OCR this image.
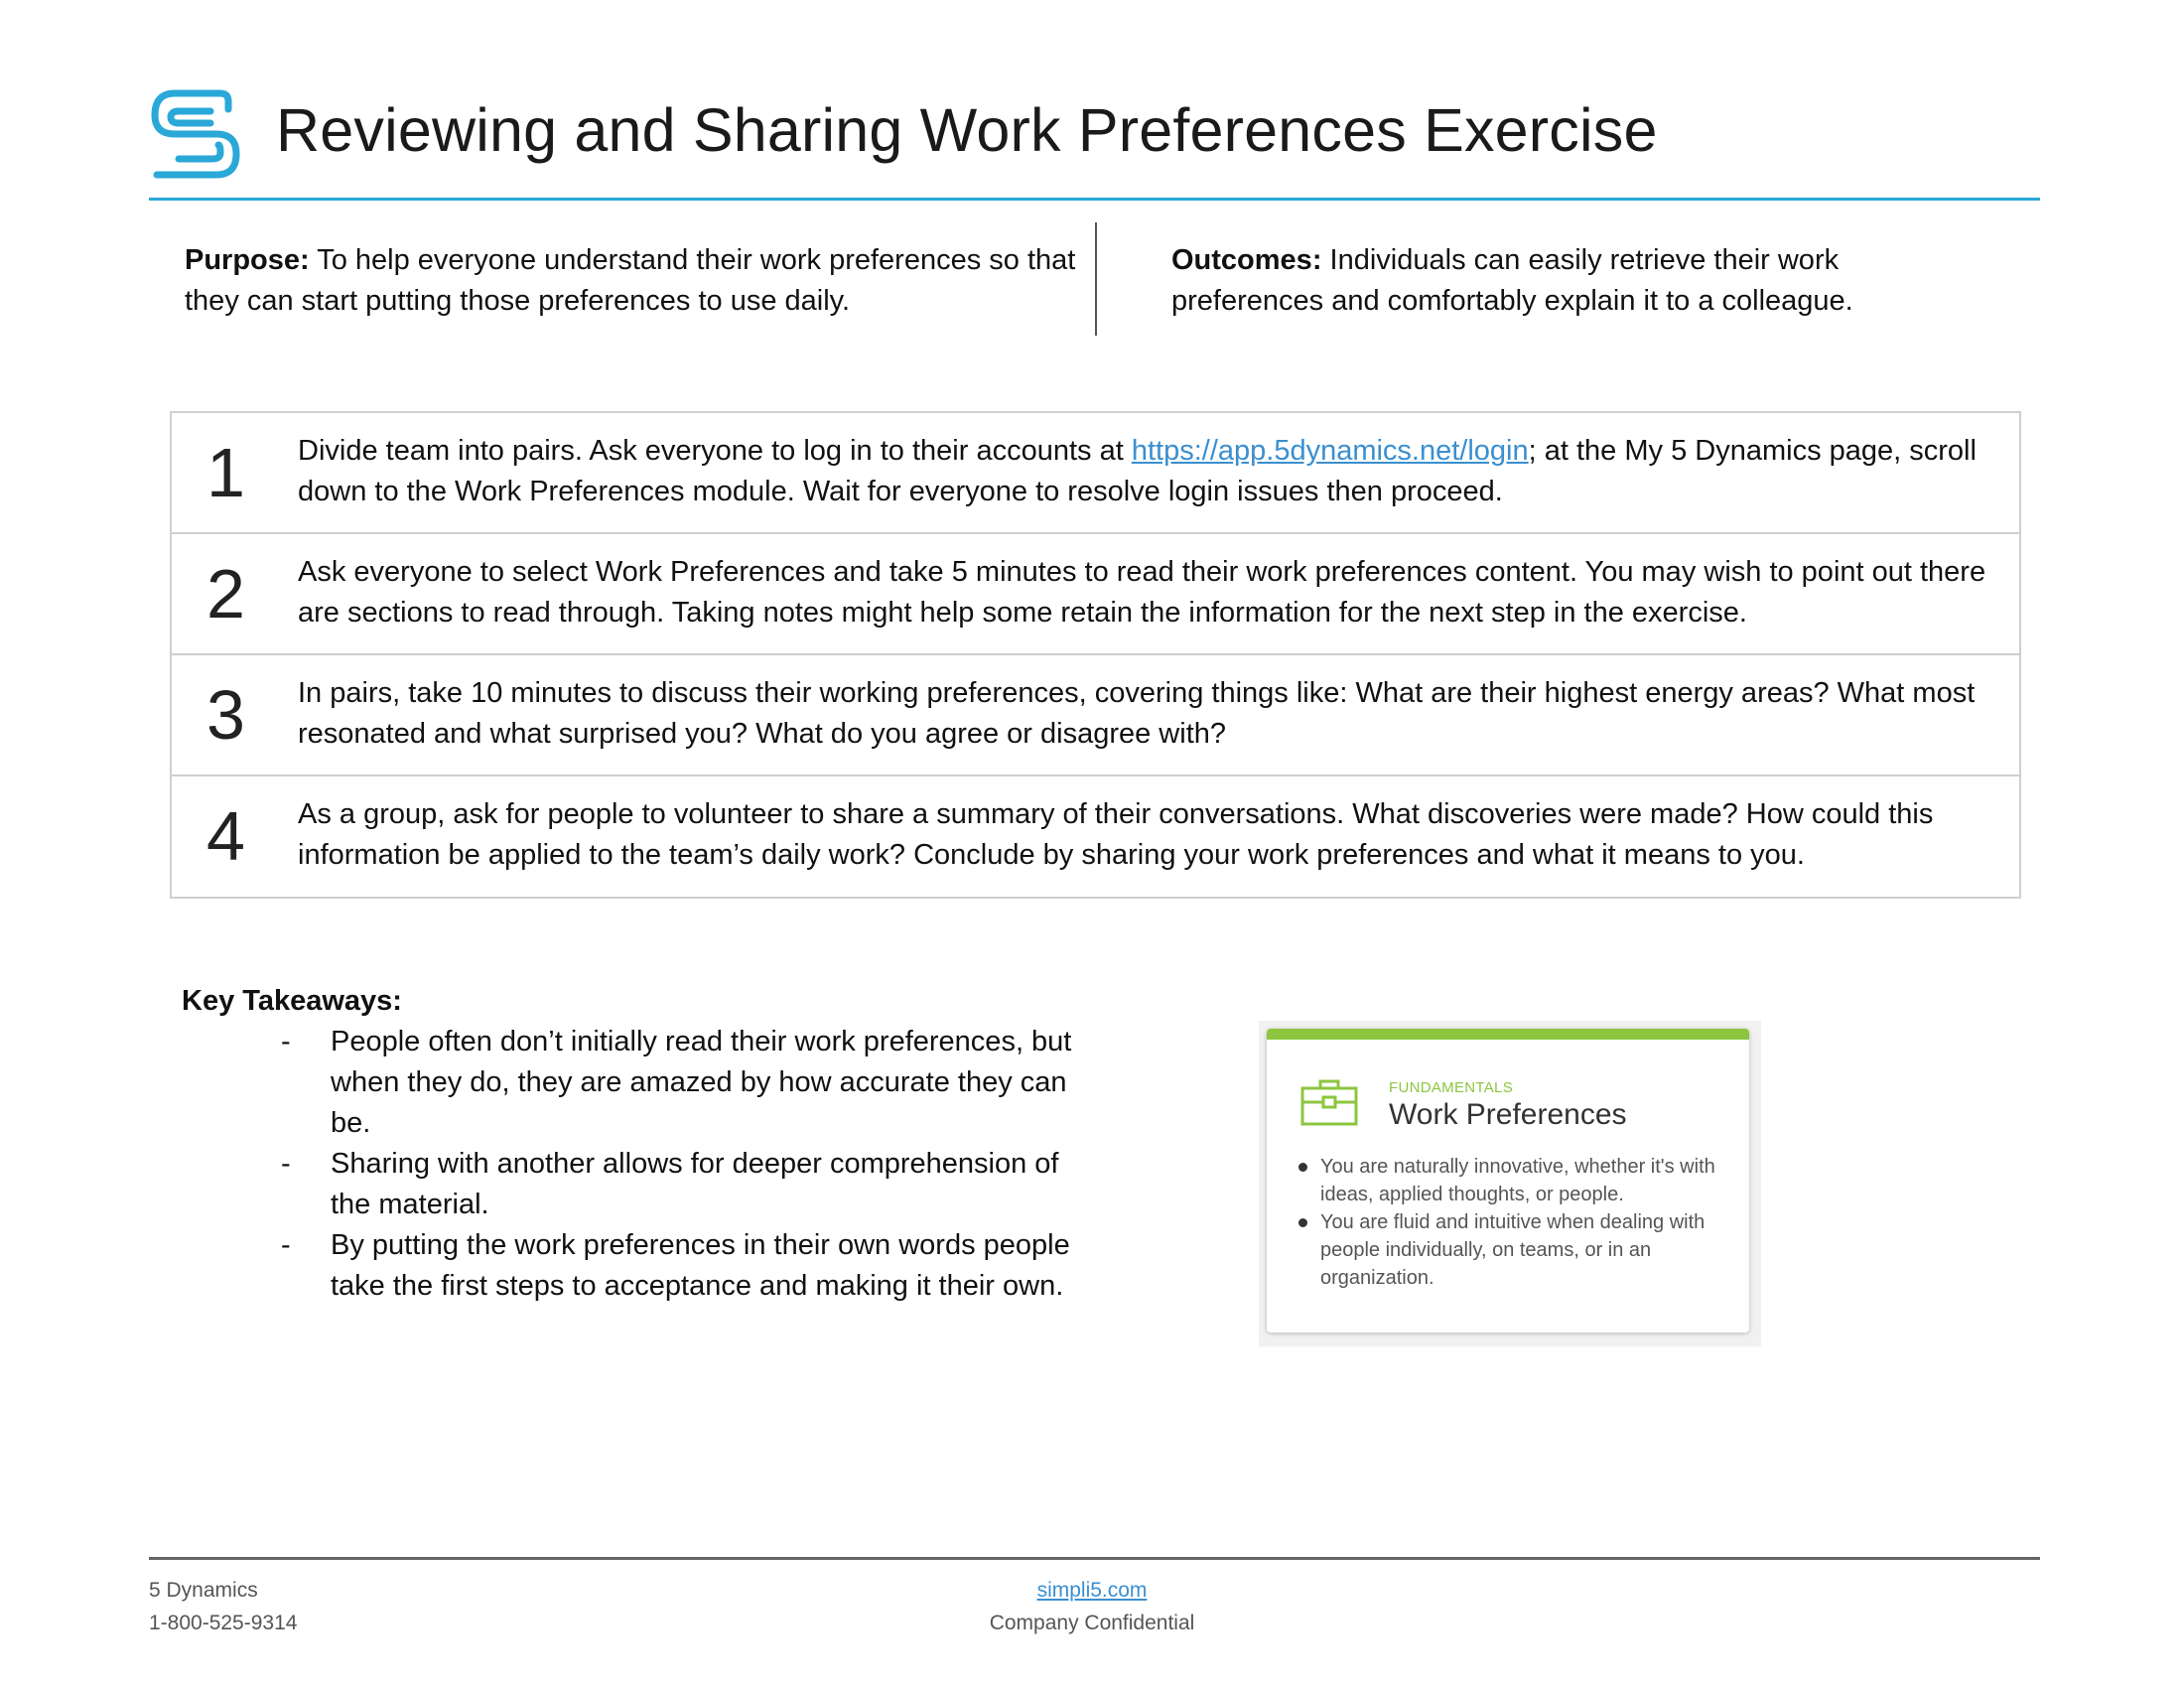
Reviewing and Sharing Work Preferences Exercise
Purpose: To help everyone understand their work preferences so that they can start putting those preferences to use daily.
Outcomes: Individuals can easily retrieve their work preferences and comfortably explain it to a colleague.
1	Divide team into pairs. Ask everyone to log in to their accounts at https://app.5dynamics.net/login; at the My 5 Dynamics page, scroll down to the Work Preferences module. Wait for everyone to resolve login issues then proceed.
2	Ask everyone to select Work Preferences and take 5 minutes to read their work preferences content. You may wish to point out there are sections to read through. Taking notes might help some retain the information for the next step in the exercise.
3	In pairs, take 10 minutes to discuss their working preferences, covering things like: What are their highest energy areas? What most resonated and what surprised you? What do you agree or disagree with?
4	As a group, ask for people to volunteer to share a summary of their conversations. What discoveries were made? How could this information be applied to the team’s daily work? Conclude by sharing your work preferences and what it means to you.
Key Takeaways:
- People often don’t initially read their work preferences, but when they do, they are amazed by how accurate they can be.
- Sharing with another allows for deeper comprehension of the material.
- By putting the work preferences in their own words people take the first steps to acceptance and making it their own.
FUNDAMENTALS
Work Preferences
You are naturally innovative, whether it's with ideas, applied thoughts, or people.
You are fluid and intuitive when dealing with people individually, on teams, or in an organization.
5 Dynamics
1-800-525-9314
simpli5.com
Company Confidential
